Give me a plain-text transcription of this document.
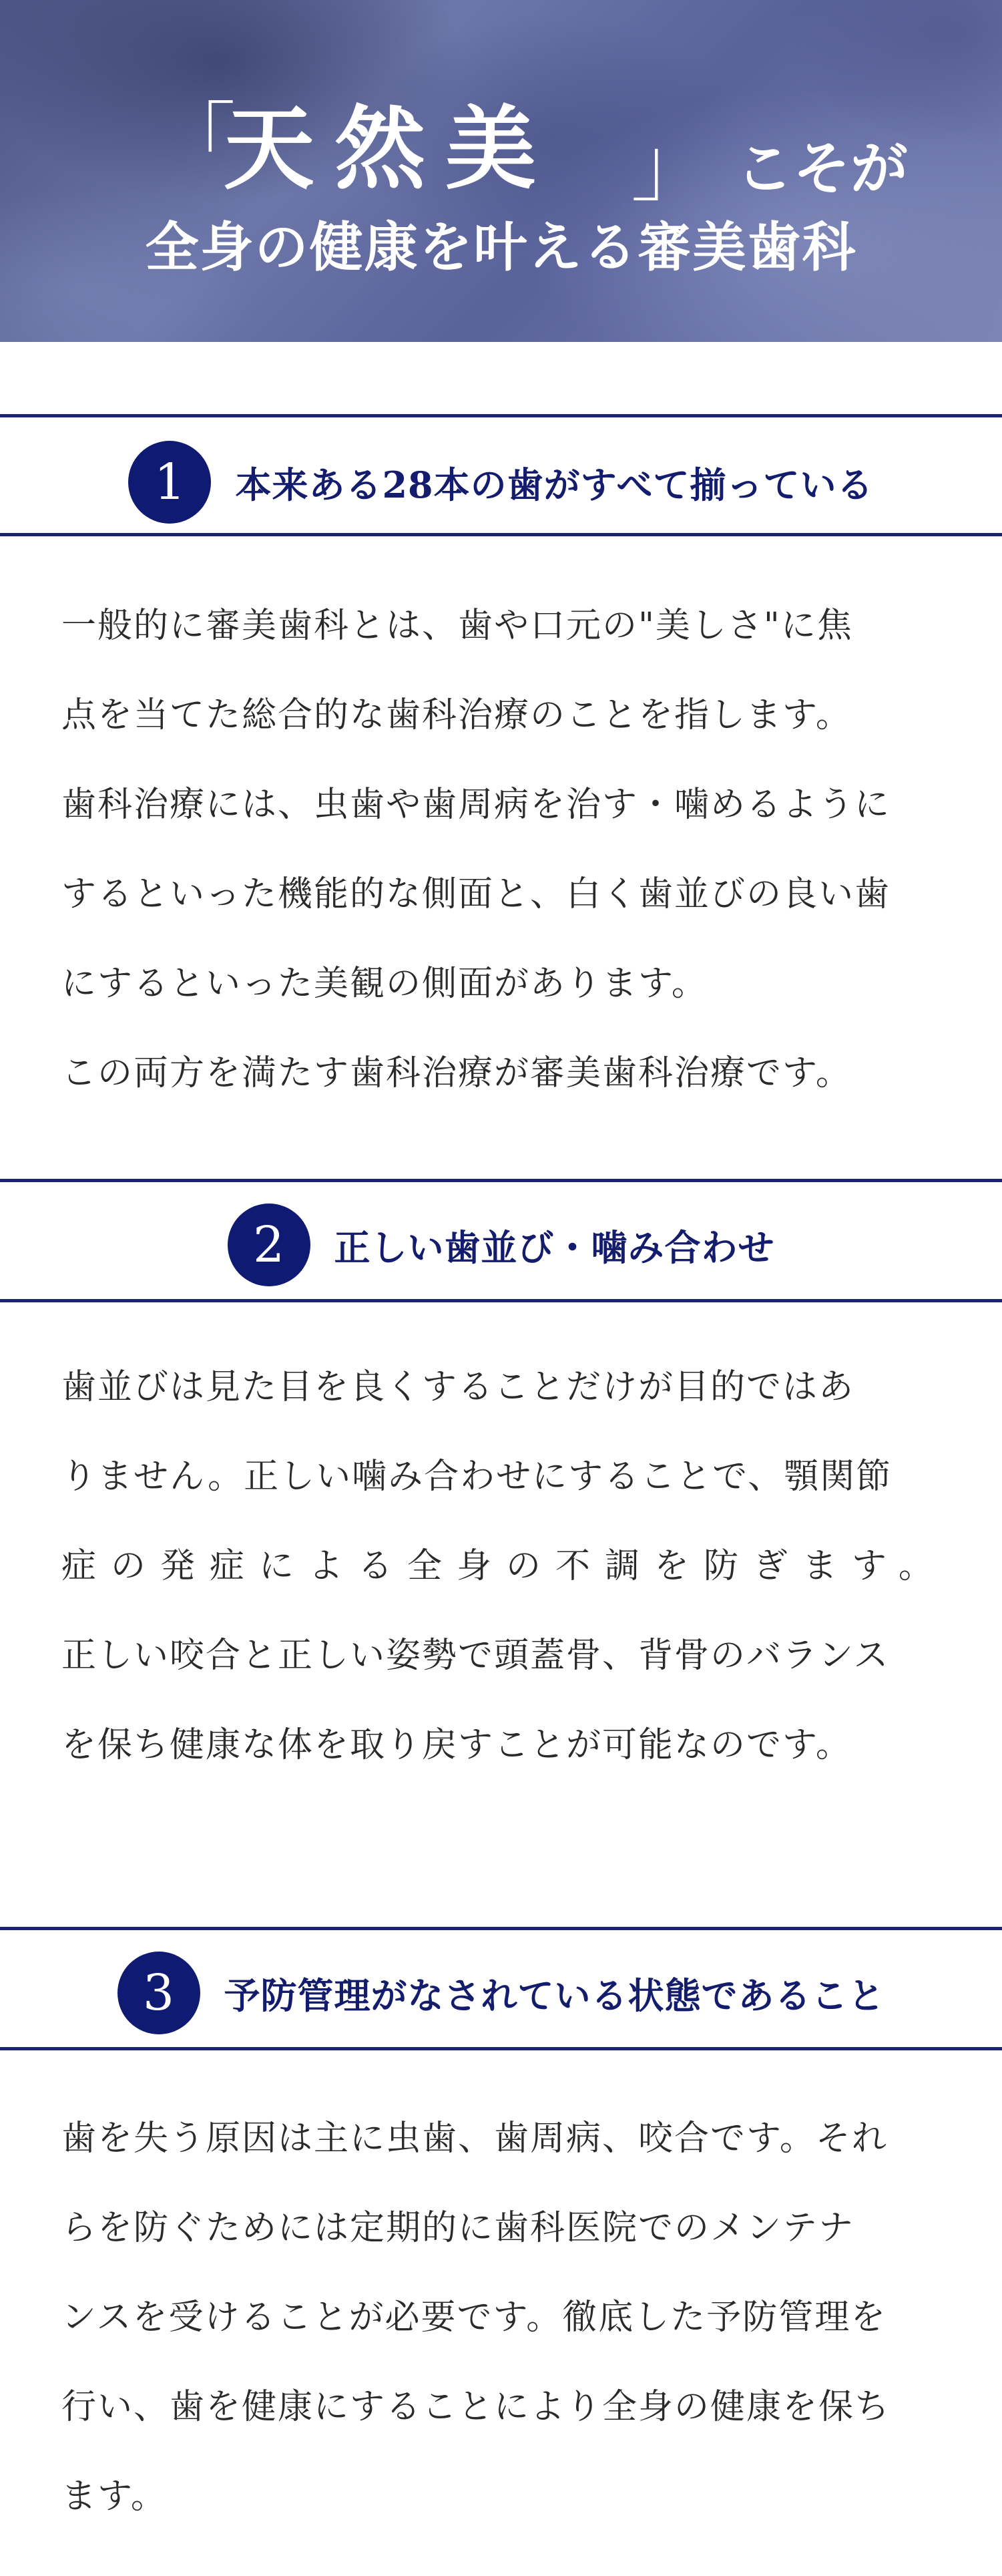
「
天然美 」 こそが
全身の健康を叶える審美歯科
1	本来ある28本の歯がすべて揃っている
一般的に審美歯科とは、歯や口元の"美しさ"に焦
点を当てた総合的な歯科治療のことを指します。
歯科治療には、虫歯や歯周病を治す・噛めるように
するといった機能的な側面と、白く歯並びの良い歯
にするといった美観の側面があります。
この両方を満たす歯科治療が審美歯科治療です。
2	正しい歯並び・噛み合わせ
歯並びは見た目を良くすることだけが目的ではあ
りません。正しい噛み合わせにすることで、顎関節
症の発症による全身の不調を防ぎます。
正しい咬合と正しい姿勢で頭蓋骨、背骨のバランス
を保ち健康な体を取り戻すことが可能なのです。
3	予防管理がなされている状態であること
歯を失う原因は主に虫歯、歯周病、咬合です。それ
らを防ぐためには定期的に歯科医院でのメンテナ
ンスを受けることが必要です。徹底した予防管理を
行い、歯を健康にすることにより全身の健康を保ち
ます。
